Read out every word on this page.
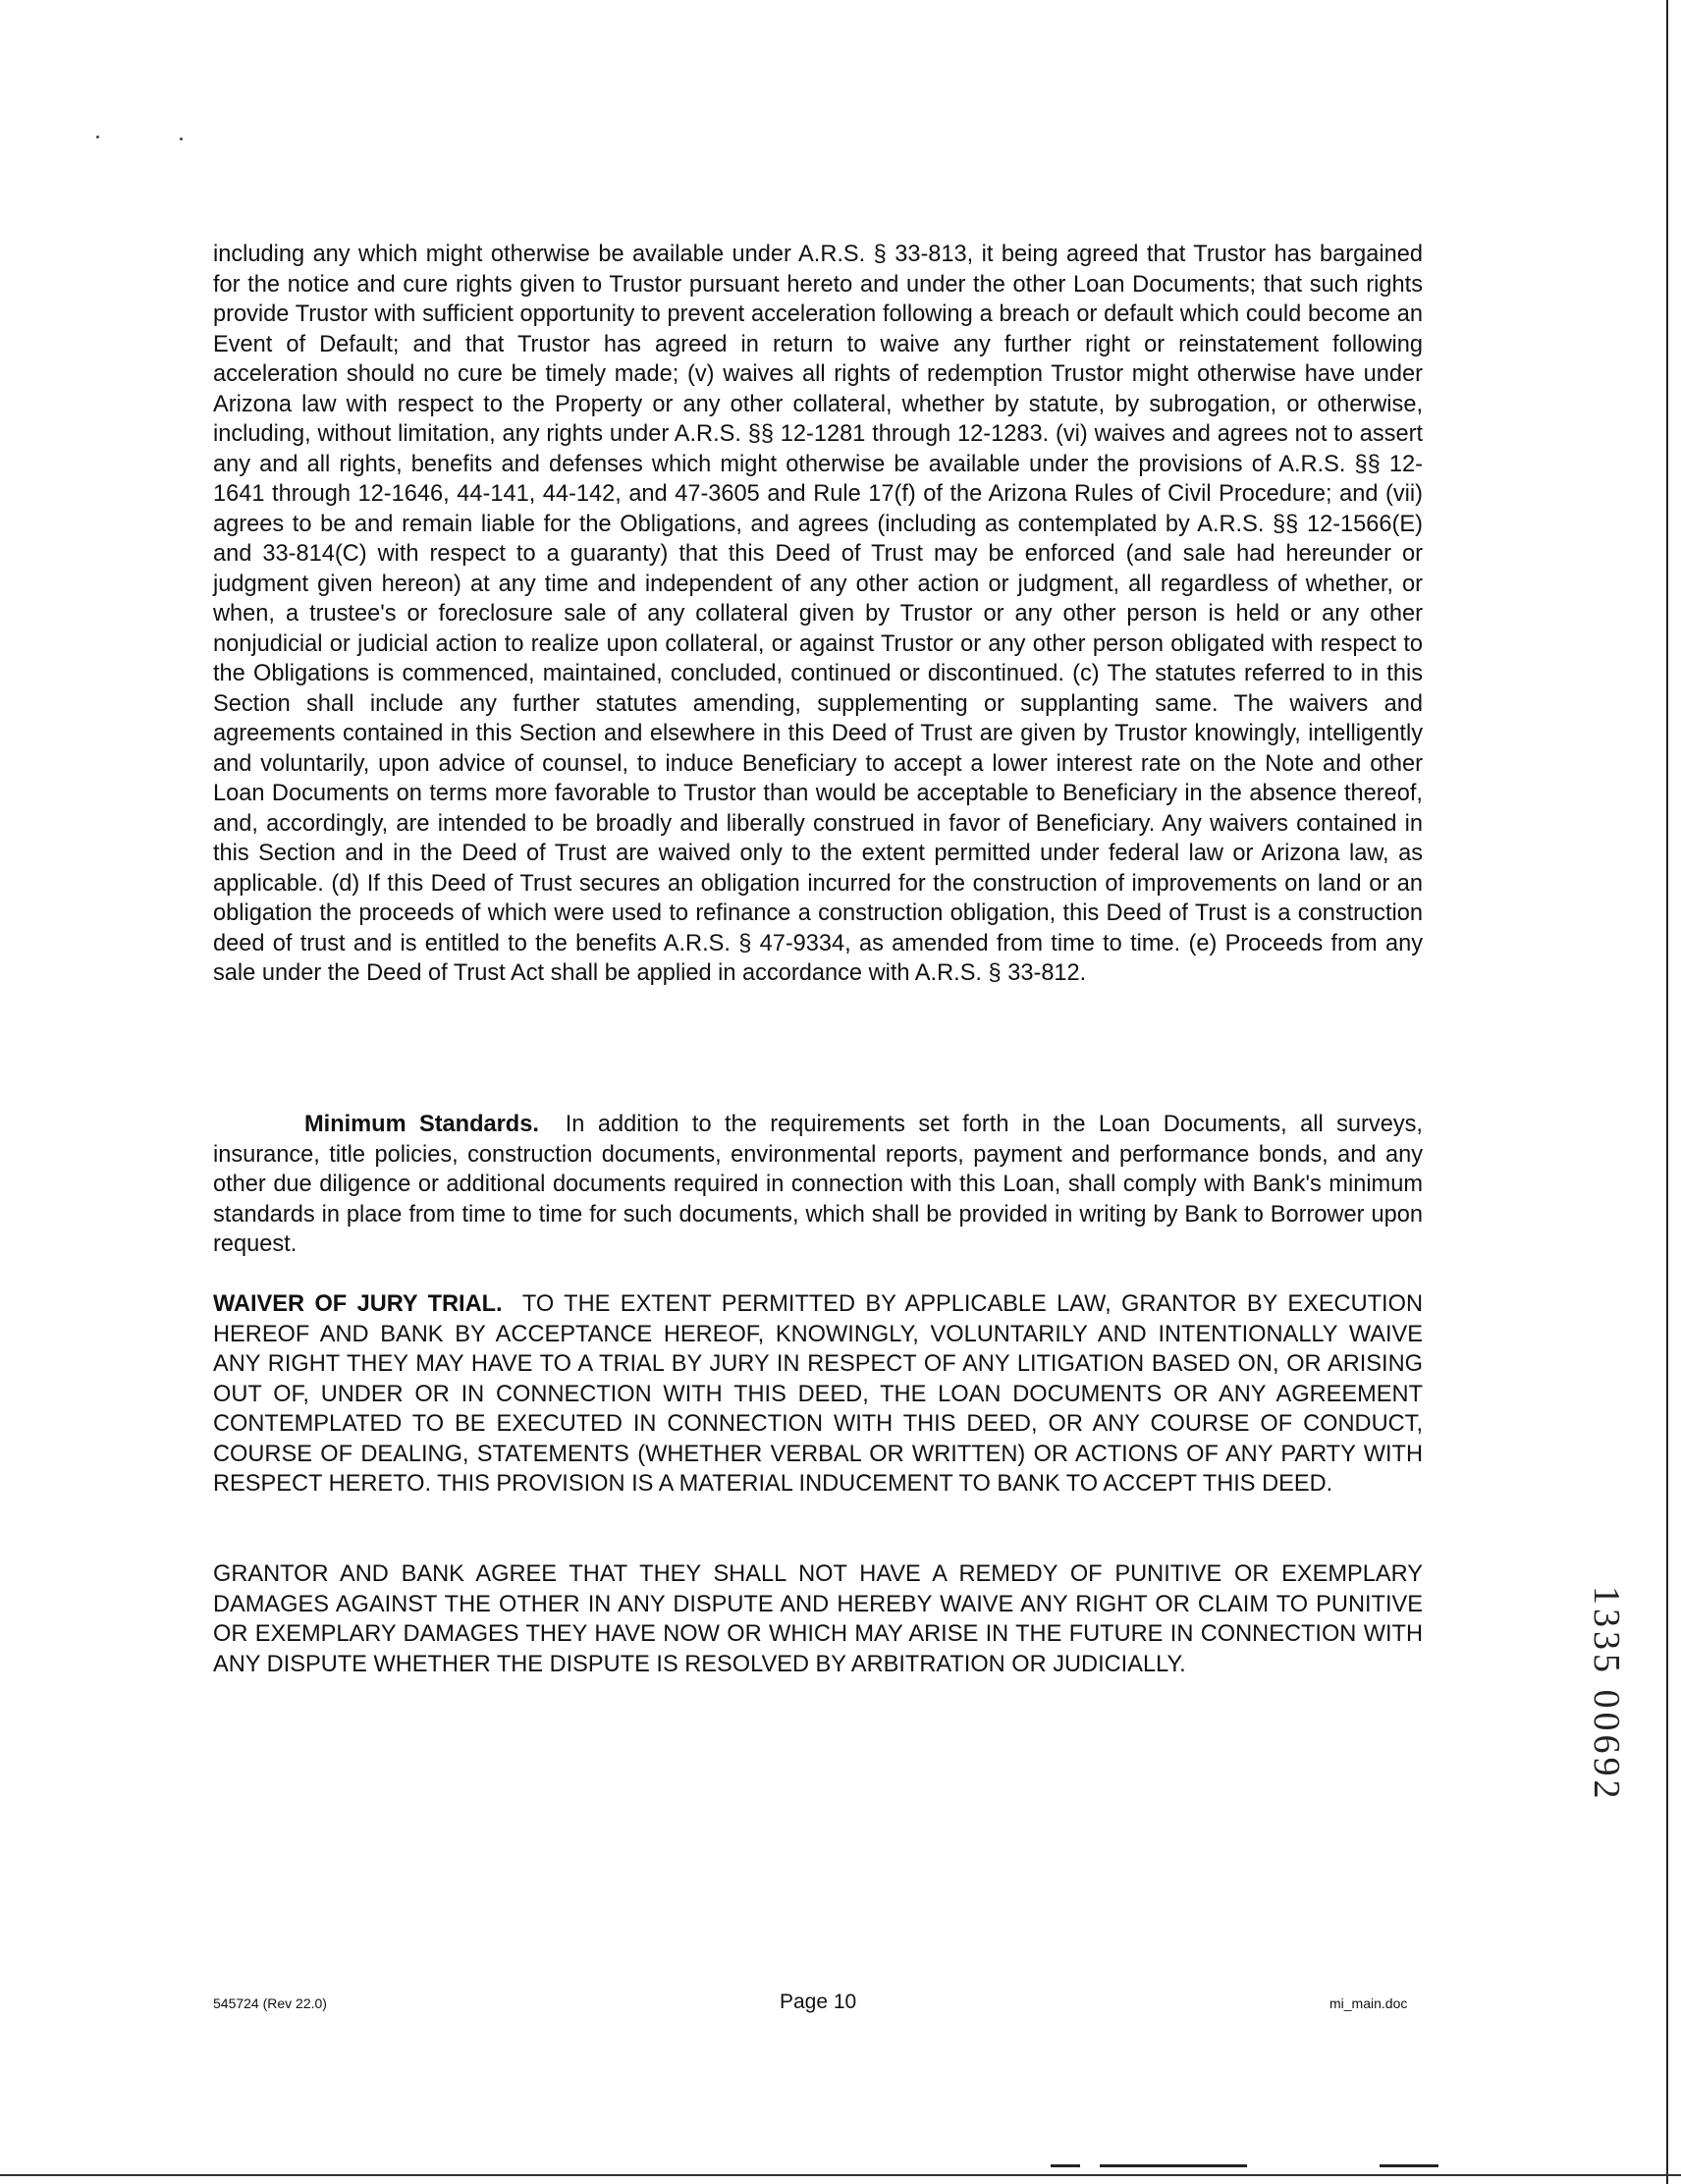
including any which might otherwise be available under A.R.S. § 33-813, it being agreed that Trustor has bargained for the notice and cure rights given to Trustor pursuant hereto and under the other Loan Documents; that such rights provide Trustor with sufficient opportunity to prevent acceleration following a breach or default which could become an Event of Default; and that Trustor has agreed in return to waive any further right or reinstatement following acceleration should no cure be timely made; (v) waives all rights of redemption Trustor might otherwise have under Arizona law with respect to the Property or any other collateral, whether by statute, by subrogation, or otherwise, including, without limitation, any rights under A.R.S. §§ 12-1281 through 12-1283. (vi) waives and agrees not to assert any and all rights, benefits and defenses which might otherwise be available under the provisions of A.R.S. §§ 12-1641 through 12-1646, 44-141, 44-142, and 47-3605 and Rule 17(f) of the Arizona Rules of Civil Procedure; and (vii) agrees to be and remain liable for the Obligations, and agrees (including as contemplated by A.R.S. §§ 12-1566(E) and 33-814(C) with respect to a guaranty) that this Deed of Trust may be enforced (and sale had hereunder or judgment given hereon) at any time and independent of any other action or judgment, all regardless of whether, or when, a trustee's or foreclosure sale of any collateral given by Trustor or any other person is held or any other nonjudicial or judicial action to realize upon collateral, or against Trustor or any other person obligated with respect to the Obligations is commenced, maintained, concluded, continued or discontinued. (c) The statutes referred to in this Section shall include any further statutes amending, supplementing or supplanting same. The waivers and agreements contained in this Section and elsewhere in this Deed of Trust are given by Trustor knowingly, intelligently and voluntarily, upon advice of counsel, to induce Beneficiary to accept a lower interest rate on the Note and other Loan Documents on terms more favorable to Trustor than would be acceptable to Beneficiary in the absence thereof, and, accordingly, are intended to be broadly and liberally construed in favor of Beneficiary. Any waivers contained in this Section and in the Deed of Trust are waived only to the extent permitted under federal law or Arizona law, as applicable. (d) If this Deed of Trust secures an obligation incurred for the construction of improvements on land or an obligation the proceeds of which were used to refinance a construction obligation, this Deed of Trust is a construction deed of trust and is entitled to the benefits A.R.S. § 47-9334, as amended from time to time. (e) Proceeds from any sale under the Deed of Trust Act shall be applied in accordance with A.R.S. § 33-812.

Minimum Standards. In addition to the requirements set forth in the Loan Documents, all surveys, insurance, title policies, construction documents, environmental reports, payment and performance bonds, and any other due diligence or additional documents required in connection with this Loan, shall comply with Bank's minimum standards in place from time to time for such documents, which shall be provided in writing by Bank to Borrower upon request.

WAIVER OF JURY TRIAL. TO THE EXTENT PERMITTED BY APPLICABLE LAW, GRANTOR BY EXECUTION HEREOF AND BANK BY ACCEPTANCE HEREOF, KNOWINGLY, VOLUNTARILY AND INTENTIONALLY WAIVE ANY RIGHT THEY MAY HAVE TO A TRIAL BY JURY IN RESPECT OF ANY LITIGATION BASED ON, OR ARISING OUT OF, UNDER OR IN CONNECTION WITH THIS DEED, THE LOAN DOCUMENTS OR ANY AGREEMENT CONTEMPLATED TO BE EXECUTED IN CONNECTION WITH THIS DEED, OR ANY COURSE OF CONDUCT, COURSE OF DEALING, STATEMENTS (WHETHER VERBAL OR WRITTEN) OR ACTIONS OF ANY PARTY WITH RESPECT HERETO. THIS PROVISION IS A MATERIAL INDUCEMENT TO BANK TO ACCEPT THIS DEED.

GRANTOR AND BANK AGREE THAT THEY SHALL NOT HAVE A REMEDY OF PUNITIVE OR EXEMPLARY DAMAGES AGAINST THE OTHER IN ANY DISPUTE AND HEREBY WAIVE ANY RIGHT OR CLAIM TO PUNITIVE OR EXEMPLARY DAMAGES THEY HAVE NOW OR WHICH MAY ARISE IN THE FUTURE IN CONNECTION WITH ANY DISPUTE WHETHER THE DISPUTE IS RESOLVED BY ARBITRATION OR JUDICIALLY.

545724 (Rev 22.0)	Page 10	mi_main.doc
1335 00692
